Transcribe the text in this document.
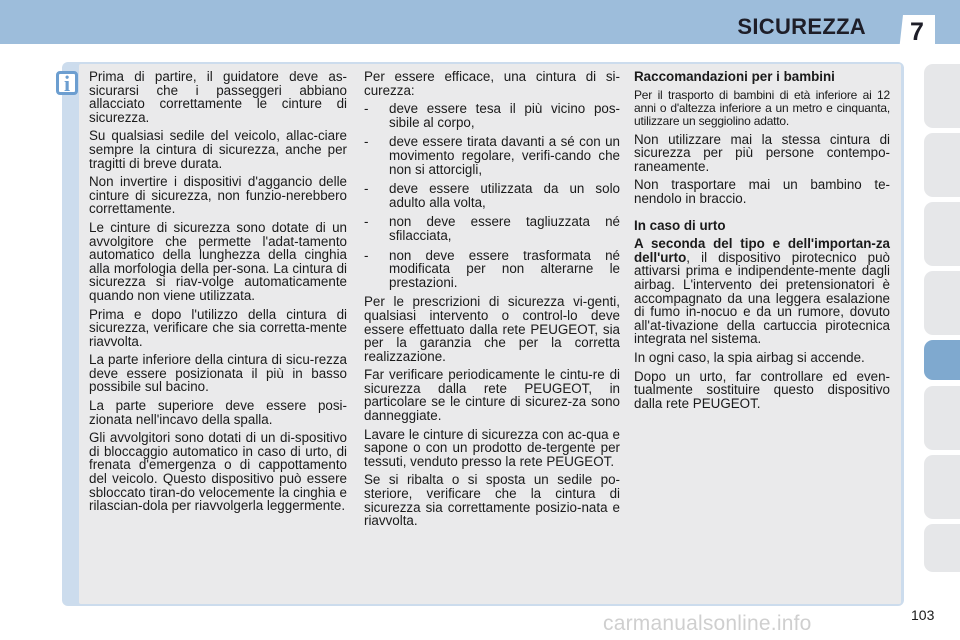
SICUREZZA	7
i	Prima di partire, il guidatore deve as-sicurarsi che i passeggeri abbiano allacciato correttamente le cinture di sicurezza.

Su qualsiasi sedile del veicolo, allac-ciare sempre la cintura di sicurezza, anche per tragitti di breve durata.

Non invertire i dispositivi d'aggancio delle cinture di sicurezza, non funzio-nerebbero correttamente.

Le cinture di sicurezza sono dotate di un avvolgitore che permette l'adat-tamento automatico della lunghezza della cinghia alla morfologia della per-sona. La cintura di sicurezza si riav-volge automaticamente quando non viene utilizzata.

Prima e dopo l'utilizzo della cintura di sicurezza, verificare che sia corretta-mente riavvolta.

La parte inferiore della cintura di sicu-rezza deve essere posizionata il più in basso possibile sul bacino.

La parte superiore deve essere posi-zionata nell'incavo della spalla.

Gli avvolgitori sono dotati di un di-spositivo di bloccaggio automatico in caso di urto, di frenata d'emergenza o di cappottamento del veicolo. Questo dispositivo può essere sbloccato tiran-do velocemente la cinghia e rilascian-dola per riavvolgerla leggermente.

Per essere efficace, una cintura di si-curezza:

- deve essere tesa il più vicino pos-sibile al corpo,
- deve essere tirata davanti a sé con un movimento regolare, verifi-cando che non si attorcigli,
- deve essere utilizzata da un solo adulto alla volta,
- non deve essere tagliuzzata né sfilacciata,
- non deve essere trasformata né modificata per non alterarne le prestazioni.

Per le prescrizioni di sicurezza vi-genti, qualsiasi intervento o control-lo deve essere effettuato dalla rete PEUGEOT, sia per la garanzia che per la corretta realizzazione.

Far verificare periodicamente le cintu-re di sicurezza dalla rete PEUGEOT, in particolare se le cinture di sicurez-za sono danneggiate.

Lavare le cinture di sicurezza con ac-qua e sapone o con un prodotto de-tergente per tessuti, venduto presso la rete PEUGEOT.

Se si ribalta o si sposta un sedile po-steriore, verificare che la cintura di sicurezza sia correttamente posizio-nata e riavvolta.

Raccomandazioni per i bambini

Per il trasporto di bambini di età inferiore ai 12 anni o d'altezza inferiore a un metro e cinquanta, utilizzare un seggiolino adatto.

Non utilizzare mai la stessa cintura di sicurezza per più persone contempo-raneamente.

Non trasportare mai un bambino te-nendolo in braccio.

In caso di urto

A seconda del tipo e dell'importan-za dell'urto, il dispositivo pirotecnico può attivarsi prima e indipendente-mente dagli airbag. L'intervento dei pretensionatori è accompagnato da una leggera esalazione di fumo in-nocuo e da un rumore, dovuto all'at-tivazione della cartuccia pirotecnica integrata nel sistema.

In ogni caso, la spia airbag si accende.

Dopo un urto, far controllare ed even-tualmente sostituire questo dispositivo dalla rete PEUGEOT.

103
carmanualsonline.info
